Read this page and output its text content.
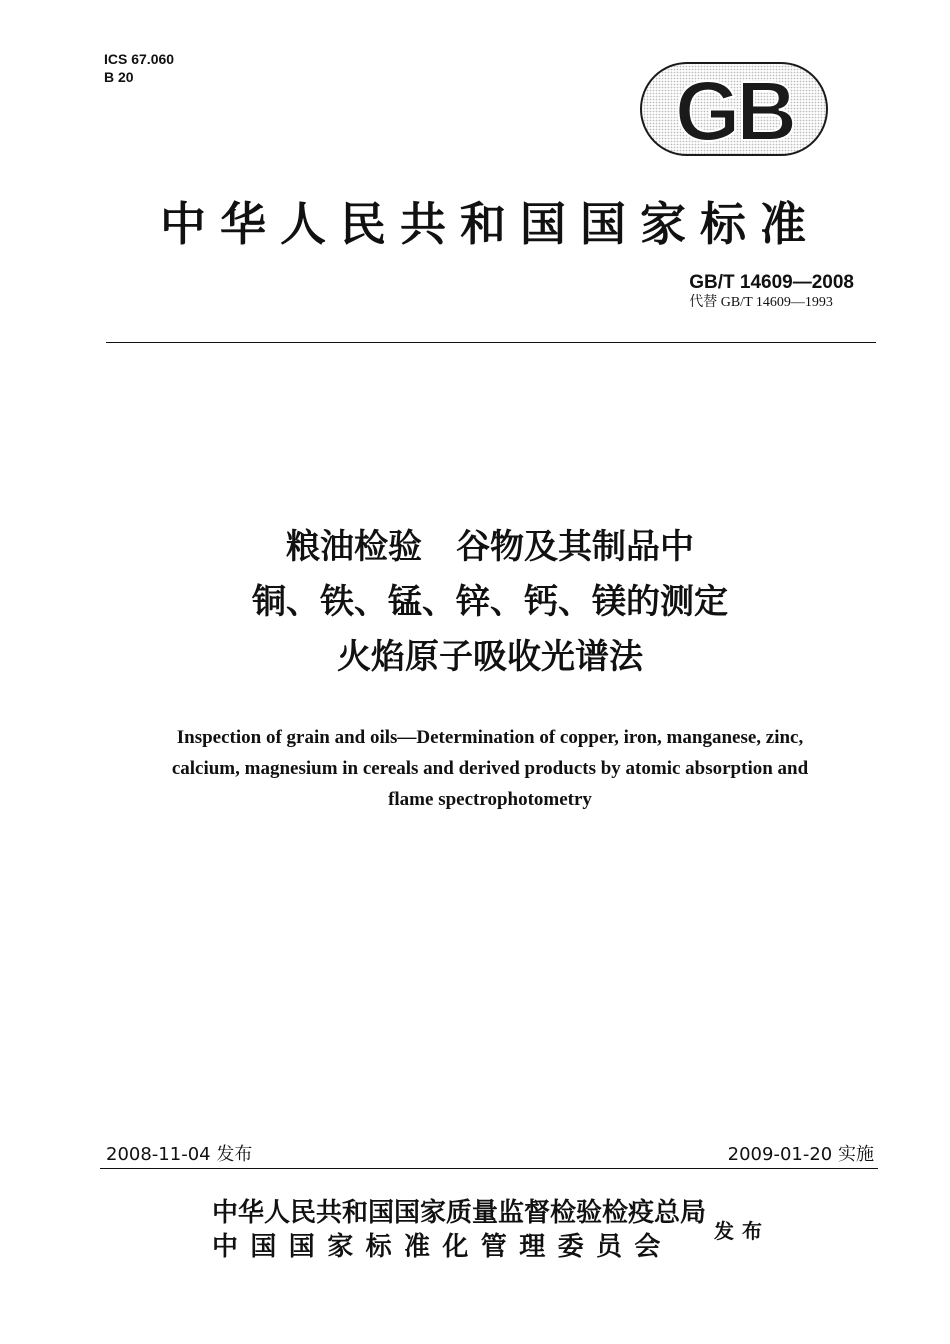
ICS 67.060
B 20	GB
中华人民共和国国家标准
GB/T 14609—2008
代替 GB/T 14609—1993
粮油检验　谷物及其制品中
铜、铁、锰、锌、钙、镁的测定
火焰原子吸收光谱法
Inspection of grain and oils—Determination of copper, iron, manganese, zinc,
calcium, magnesium in cereals and derived products by atomic absorption and
flame spectrophotometry
2008-11-04 发布	2009-01-20 实施
中华人民共和国国家质量监督检验检疫总局
中国国家标准化管理委员会
发布
